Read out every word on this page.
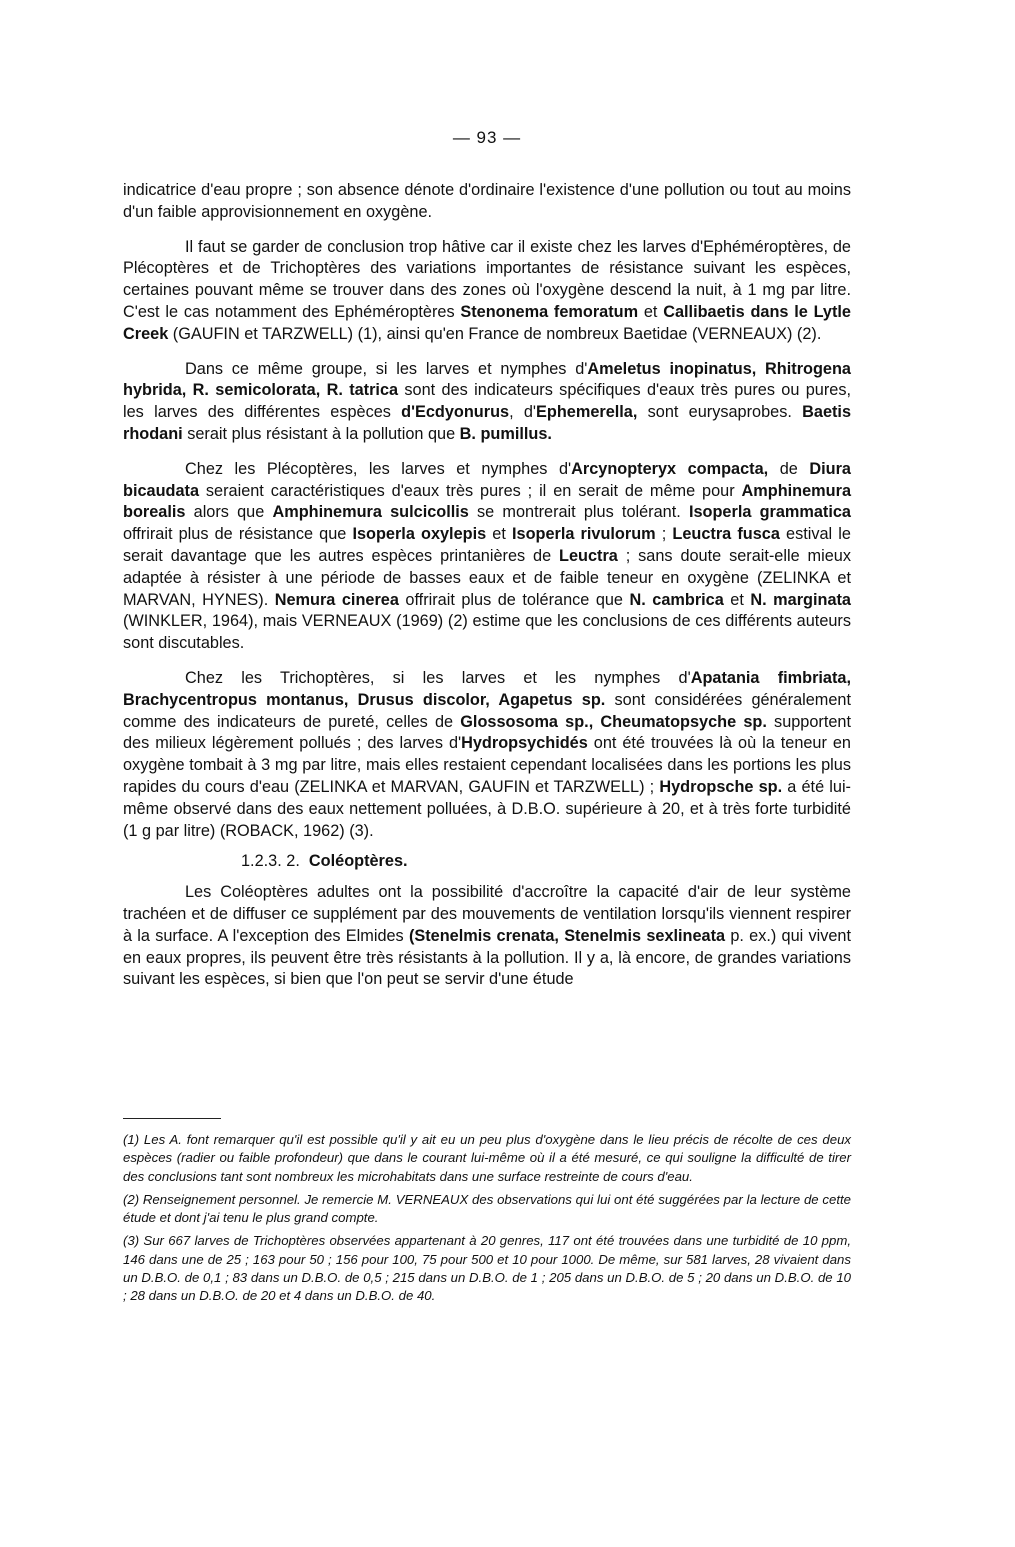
— 93 —

indicatrice d'eau propre ; son absence dénote d'ordinaire l'existence d'une pollution ou tout au moins d'un faible approvisionnement en oxygène.

Il faut se garder de conclusion trop hâtive car il existe chez les larves d'Ephéméroptères, de Plécoptères et de Trichoptères des variations importantes de résistance suivant les espèces, certaines pouvant même se trouver dans des zones où l'oxygène descend la nuit, à 1 mg par litre. C'est le cas notamment des Ephéméroptères Stenonema femoratum et Callibaetis dans le Lytle Creek (GAUFIN et TARZWELL) (1), ainsi qu'en France de nombreux Baetidae (VERNEAUX) (2).

Dans ce même groupe, si les larves et nymphes d'Ameletus inopinatus, Rhitrogena hybrida, R. semicolorata, R. tatrica sont des indicateurs spécifiques d'eaux très pures ou pures, les larves des différentes espèces d'Ecdyonurus, d'Ephemerella, sont eurysaprobes. Baetis rhodani serait plus résistant à la pollution que B. pumillus.

Chez les Plécoptères, les larves et nymphes d'Arcynopteryx compacta, de Diura bicaudata seraient caractéristiques d'eaux très pures ; il en serait de même pour Amphinemura borealis alors que Amphinemura sulcicollis se montrerait plus tolérant. Isoperla grammatica offrirait plus de résistance que Isoperla oxylepis et Isoperla rivulorum ; Leuctra fusca estival le serait davantage que les autres espèces printanières de Leuctra ; sans doute serait-elle mieux adaptée à résister à une période de basses eaux et de faible teneur en oxygène (ZELINKA et MARVAN, HYNES). Nemura cinerea offrirait plus de tolérance que N. cambrica et N. marginata (WINKLER, 1964), mais VERNEAUX (1969) (2) estime que les conclusions de ces différents auteurs sont discutables.

Chez les Trichoptères, si les larves et les nymphes d'Apatania fimbriata, Brachycentropus montanus, Drusus discolor, Agapetus sp. sont considérées généralement comme des indicateurs de pureté, celles de Glossosoma sp., Cheumatopsyche sp. supportent des milieux légèrement pollués ; des larves d'Hydropsychidés ont été trouvées là où la teneur en oxygène tombait à 3 mg par litre, mais elles restaient cependant localisées dans les portions les plus rapides du cours d'eau (ZELINKA et MARVAN, GAUFIN et TARZWELL) ; Hydropsche sp. a été lui-même observé dans des eaux nettement polluées, à D.B.O. supérieure à 20, et à très forte turbidité (1 g par litre) (ROBACK, 1962) (3).

1.2.3. 2. Coléoptères.

Les Coléoptères adultes ont la possibilité d'accroître la capacité d'air de leur système trachéen et de diffuser ce supplément par des mouvements de ventilation lorsqu'ils viennent respirer à la surface. A l'exception des Elmides (Stenelmis crenata, Stenelmis sexlineata p. ex.) qui vivent en eaux propres, ils peuvent être très résistants à la pollution. Il y a, là encore, de grandes variations suivant les espèces, si bien que l'on peut se servir d'une étude

(1) Les A. font remarquer qu'il est possible qu'il y ait eu un peu plus d'oxygène dans le lieu précis de récolte de ces deux espèces (radier ou faible profondeur) que dans le courant lui-même où il a été mesuré, ce qui souligne la difficulté de tirer des conclusions tant sont nombreux les microhabitats dans une surface restreinte de cours d'eau.

(2) Renseignement personnel. Je remercie M. VERNEAUX des observations qui lui ont été suggérées par la lecture de cette étude et dont j'ai tenu le plus grand compte.

(3) Sur 667 larves de Trichoptères observées appartenant à 20 genres, 117 ont été trouvées dans une turbidité de 10 ppm, 146 dans une de 25 ; 163 pour 50 ; 156 pour 100, 75 pour 500 et 10 pour 1000. De même, sur 581 larves, 28 vivaient dans un D.B.O. de 0,1 ; 83 dans un D.B.O. de 0,5 ; 215 dans un D.B.O. de 1 ; 205 dans un D.B.O. de 5 ; 20 dans un D.B.O. de 10 ; 28 dans un D.B.O. de 20 et 4 dans un D.B.O. de 40.
